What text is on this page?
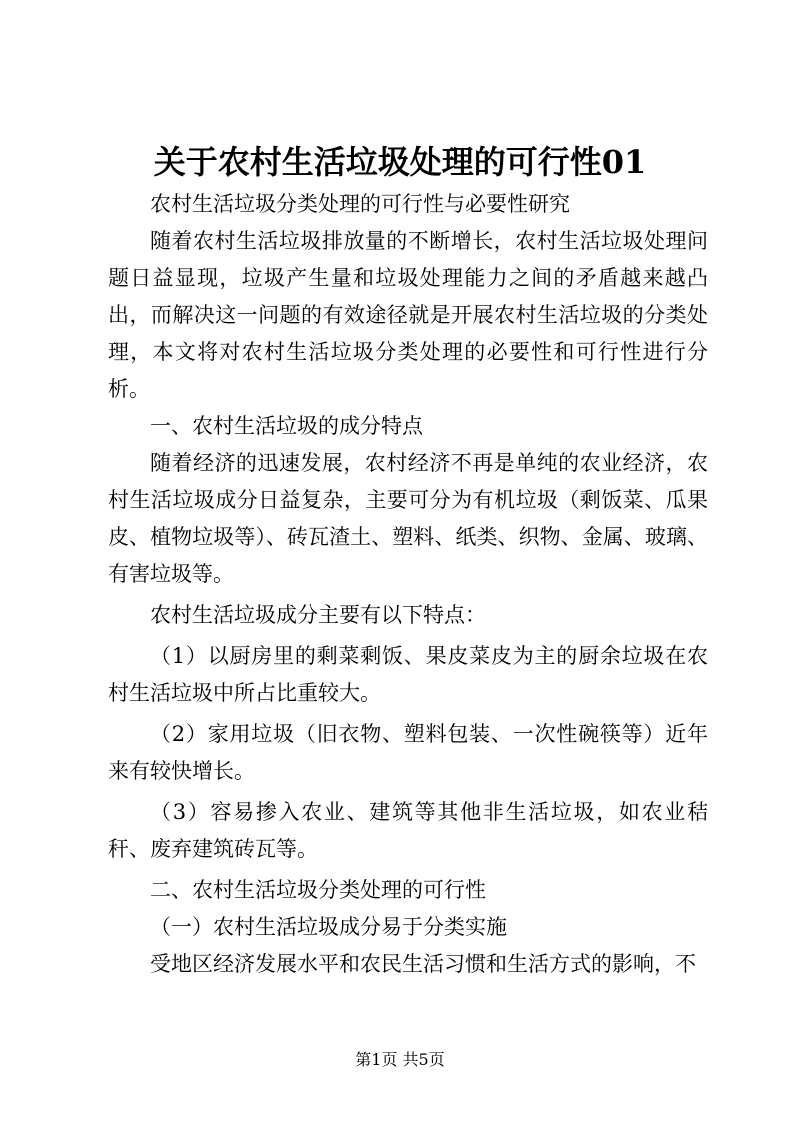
关于农村生活垃圾处理的可行性01

农村生活垃圾分类处理的可行性与必要性研究

随着农村生活垃圾排放量的不断增长，农村生活垃圾处理问题日益显现，垃圾产生量和垃圾处理能力之间的矛盾越来越凸出，而解决这一问题的有效途径就是开展农村生活垃圾的分类处理，本文将对农村生活垃圾分类处理的必要性和可行性进行分析。

一、农村生活垃圾的成分特点

随着经济的迅速发展，农村经济不再是单纯的农业经济，农村生活垃圾成分日益复杂，主要可分为有机垃圾（剩饭菜、瓜果皮、植物垃圾等）、砖瓦渣土、塑料、纸类、织物、金属、玻璃、有害垃圾等。

农村生活垃圾成分主要有以下特点：

（1）以厨房里的剩菜剩饭、果皮菜皮为主的厨余垃圾在农村生活垃圾中所占比重较大。

（2）家用垃圾（旧衣物、塑料包装、一次性碗筷等）近年来有较快增长。

（3）容易掺入农业、建筑等其他非生活垃圾，如农业秸秆、废弃建筑砖瓦等。

二、农村生活垃圾分类处理的可行性

（一）农村生活垃圾成分易于分类实施

受地区经济发展水平和农民生活习惯和生活方式的影响，不

第1页 共5页
